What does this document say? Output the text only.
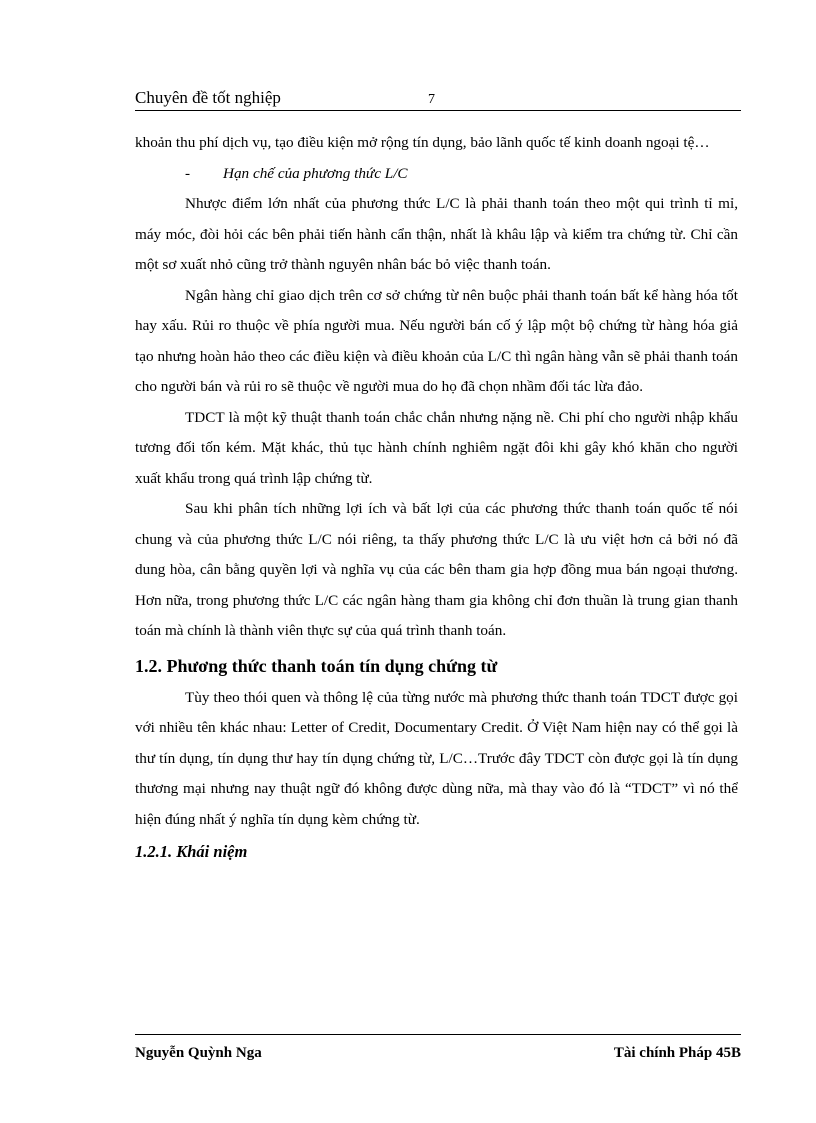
Chuyên đề tốt nghiệp	7

khoản thu phí dịch vụ, tạo điều kiện mở rộng tín dụng, bảo lãnh quốc tế kinh doanh ngoại tệ…

- Hạn chế của phương thức L/C

Nhược điểm lớn nhất của phương thức L/C là phải thanh toán theo một qui trình tỉ mỉ, máy móc, đòi hỏi các bên phải tiến hành cẩn thận, nhất là khâu lập và kiểm tra chứng từ. Chỉ cần một sơ xuất nhỏ cũng trở thành nguyên nhân bác bỏ việc thanh toán.

Ngân hàng chỉ giao dịch trên cơ sở chứng từ nên buộc phải thanh toán bất kể hàng hóa tốt hay xấu. Rủi ro thuộc về phía người mua. Nếu người bán cố ý lập một bộ chứng từ hàng hóa giả tạo nhưng hoàn hảo theo các điều kiện và điều khoản của L/C thì ngân hàng vẫn sẽ phải thanh toán cho người bán và rủi ro sẽ thuộc về người mua do họ đã chọn nhầm đối tác lừa đảo.

TDCT là một kỹ thuật thanh toán chắc chắn nhưng nặng nề. Chi phí cho người nhập khẩu tương đối tốn kém. Mặt khác, thủ tục hành chính nghiêm ngặt đôi khi gây khó khăn cho người xuất khẩu trong quá trình lập chứng từ.

Sau khi phân tích những lợi ích và bất lợi của các phương thức thanh toán quốc tế nói chung và của phương thức L/C nói riêng, ta thấy phương thức L/C là ưu việt hơn cả bởi nó đã dung hòa, cân bằng quyền lợi và nghĩa vụ của các bên tham gia hợp đồng mua bán ngoại thương. Hơn nữa, trong phương thức L/C các ngân hàng tham gia không chỉ đơn thuần là trung gian thanh toán mà chính là thành viên thực sự của quá trình thanh toán.

1.2. Phương thức thanh toán tín dụng chứng từ

Tùy theo thói quen và thông lệ của từng nước mà phương thức thanh toán TDCT được gọi với nhiều tên khác nhau: Letter of Credit, Documentary Credit. Ở Việt Nam hiện nay có thể gọi là thư tín dụng, tín dụng thư hay tín dụng chứng từ, L/C…Trước đây TDCT còn được gọi là tín dụng thương mại nhưng nay thuật ngữ đó không được dùng nữa, mà thay vào đó là “TDCT” vì nó thể hiện đúng nhất ý nghĩa tín dụng kèm chứng từ.

1.2.1. Khái niệm
Nguyễn Quỳnh Nga	Tài chính Pháp 45B
